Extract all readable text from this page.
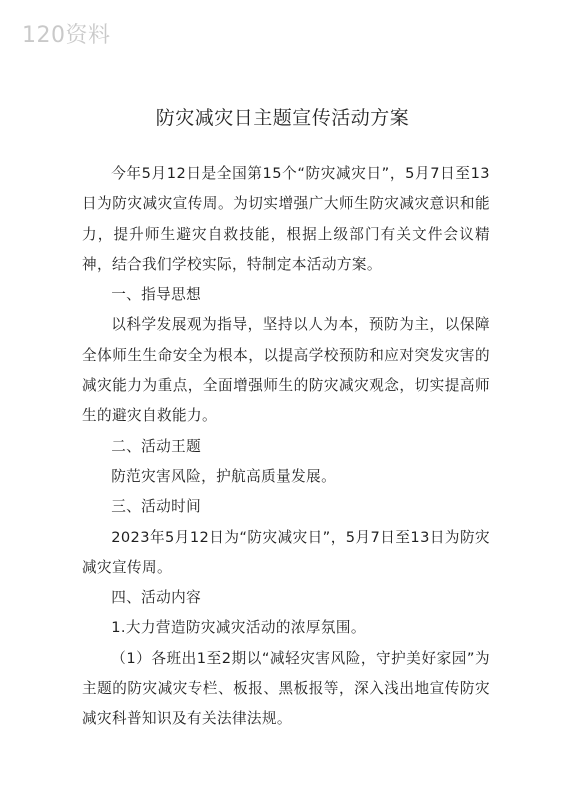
120资料
防灾减灾日主题宣传活动方案

今年5月12日是全国第15个“防灾减灾日”，5月7日至13日为防灾减灾宣传周。为切实增强广大师生防灾减灾意识和能力，提升师生避灾自救技能，根据上级部门有关文件会议精神，结合我们学校实际，特制定本活动方案。

一、指导思想

以科学发展观为指导，坚持以人为本，预防为主，以保障全体师生生命安全为根本，以提高学校预防和应对突发灾害的减灾能力为重点，全面增强师生的防灾减灾观念，切实提高师生的避灾自救能力。

二、活动王题

防范灾害风险，护航高质量发展。

三、活动时间

2023年5月12日为“防灾减灾日”，5月7日至13日为防灾减灾宣传周。

四、活动内容

1.大力营造防灾减灾活动的浓厚氛围。

（1）各班出1至2期以“减轻灾害风险，守护美好家园”为主题的防灾减灾专栏、板报、黑板报等，深入浅出地宣传防灾减灾科普知识及有关法律法规。
